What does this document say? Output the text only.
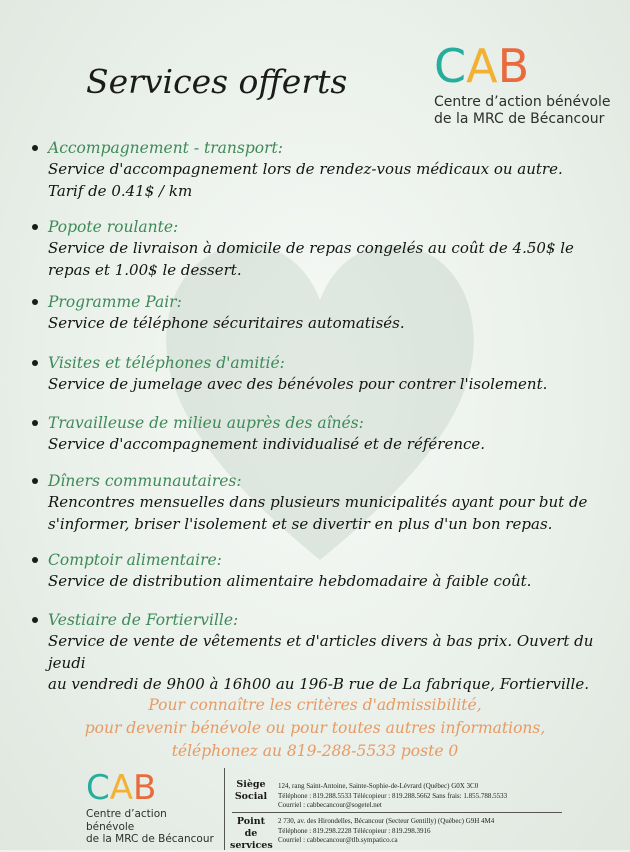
Services offerts C A B
Centre d’action bénévole
de la MRC de Bécancour
Accompagnement - transport:
Service d'accompagnement lors de rendez-vous médicaux ou autre.
Tarif de 0.41$ / km
Popote roulante:
Service de livraison à domicile de repas congelés au coût de 4.50$ le
repas et 1.00$ le dessert.
Programme Pair:
Service de téléphone sécuritaires automatisés.
Visites et téléphones d'amitié:
Service de jumelage avec des bénévoles pour contrer l'isolement.
Travailleuse de milieu auprès des aînés:
Service d'accompagnement individualisé et de référence.
Dîners communautaires:
Rencontres mensuelles dans plusieurs municipalités ayant pour but de
s'informer, briser l'isolement et se divertir en plus d'un bon repas.
Comptoir alimentaire:
Service de distribution alimentaire hebdomadaire à faible coût.
Vestiaire de Fortierville:
Service de vente de vêtements et d'articles divers à bas prix. Ouvert du jeudi
au vendredi de 9h00 à 16h00 au 196-B rue de La fabrique, Fortierville.
Pour connaître les critères d'admissibilité,
pour devenir bénévole ou pour toutes autres informations,
téléphonez au 819-288-5533 poste 0
C A B
Centre d’action bénévole
de la MRC de Bécancour
Siège
Social
124, rang Saint-Antoine, Sainte-Sophie-de-Lévrard (Québec) G0X 3C0
Téléphone : 819.288.5533 Télécopieur : 819.288.5662 Sans frais: 1.855.788.5533
Courriel : cabbecancour@sogetel.net
Point de
services
2 730, av. des Hirondelles, Bécancour (Secteur Gentilly) (Québec) G9H 4M4
Téléphone : 819.298.2228 Télécopieur : 819.298.3916
Courriel : cabbecancour@tlb.sympatico.ca
